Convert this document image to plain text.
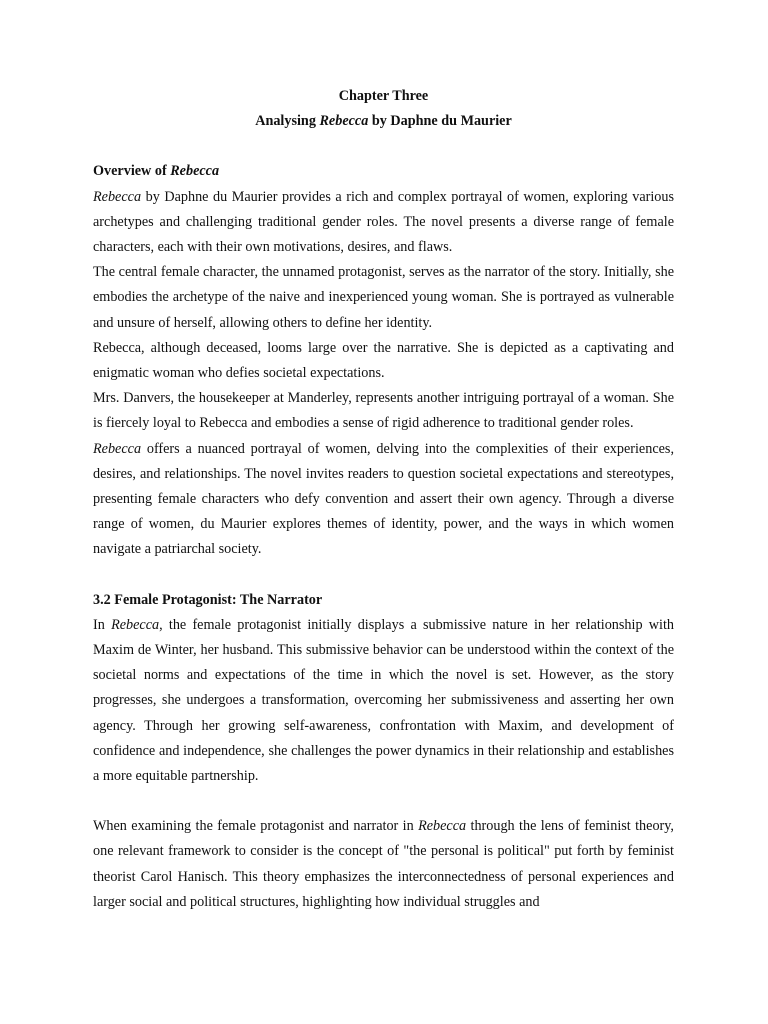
Chapter Three

Analysing Rebecca by Daphne du Maurier

Overview of Rebecca

Rebecca by Daphne du Maurier provides a rich and complex portrayal of women, exploring various archetypes and challenging traditional gender roles. The novel presents a diverse range of female characters, each with their own motivations, desires, and flaws.

The central female character, the unnamed protagonist, serves as the narrator of the story. Initially, she embodies the archetype of the naive and inexperienced young woman. She is portrayed as vulnerable and unsure of herself, allowing others to define her identity.

Rebecca, although deceased, looms large over the narrative. She is depicted as a captivating and enigmatic woman who defies societal expectations.

Mrs. Danvers, the housekeeper at Manderley, represents another intriguing portrayal of a woman. She is fiercely loyal to Rebecca and embodies a sense of rigid adherence to traditional gender roles.

Rebecca offers a nuanced portrayal of women, delving into the complexities of their experiences, desires, and relationships. The novel invites readers to question societal expectations and stereotypes, presenting female characters who defy convention and assert their own agency. Through a diverse range of women, du Maurier explores themes of identity, power, and the ways in which women navigate a patriarchal society.

3.2 Female Protagonist: The Narrator

In Rebecca, the female protagonist initially displays a submissive nature in her relationship with Maxim de Winter, her husband. This submissive behavior can be understood within the context of the societal norms and expectations of the time in which the novel is set. However, as the story progresses, she undergoes a transformation, overcoming her submissiveness and asserting her own agency. Through her growing self-awareness, confrontation with Maxim, and development of confidence and independence, she challenges the power dynamics in their relationship and establishes a more equitable partnership.

When examining the female protagonist and narrator in Rebecca through the lens of feminist theory, one relevant framework to consider is the concept of "the personal is political" put forth by feminist theorist Carol Hanisch. This theory emphasizes the interconnectedness of personal experiences and larger social and political structures, highlighting how individual struggles and
